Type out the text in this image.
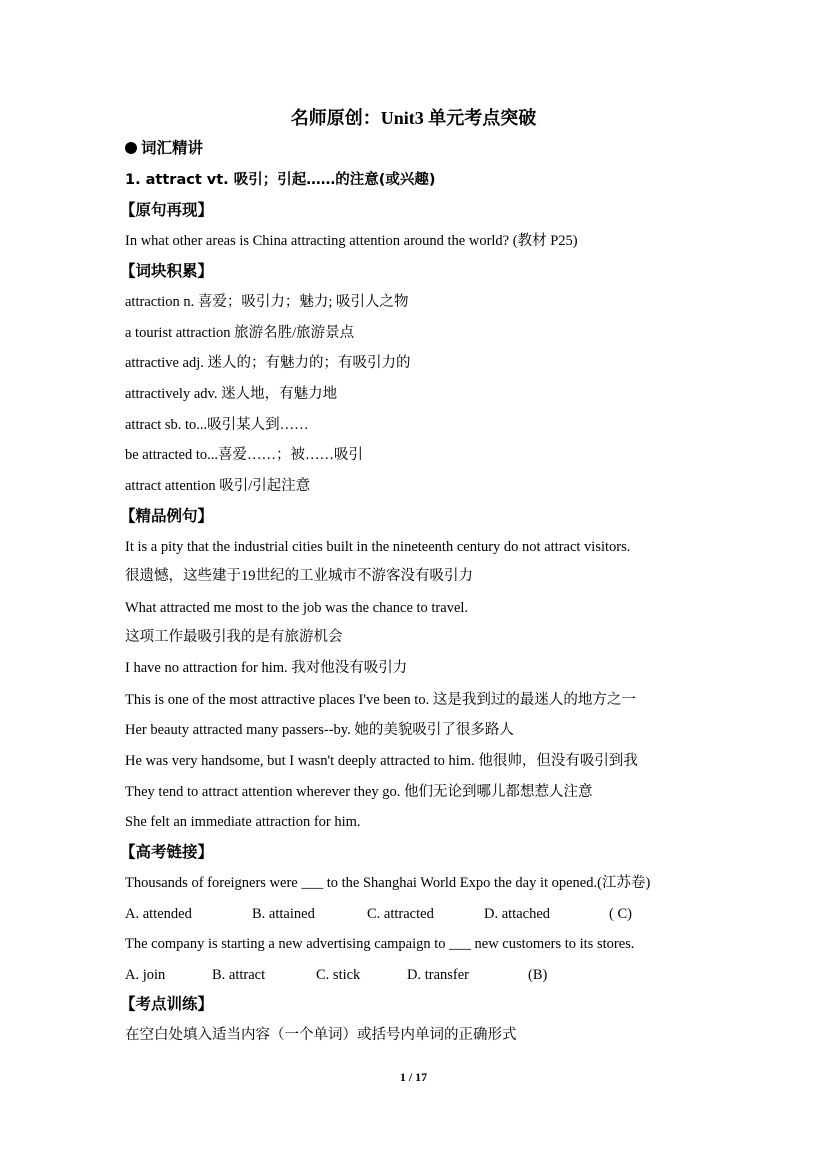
名师原创：Unit3 单元考点突破
词汇精讲
1. attract vt. 吸引；引起……的注意(或兴趣)
【原句再现】
In what other areas is China attracting attention around the world? (教材 P25)
【词块积累】
attraction n. 喜爱；吸引力；魅力; 吸引人之物
a tourist attraction 旅游名胜/旅游景点
attractive adj. 迷人的；有魅力的；有吸引力的
attractively adv. 迷人地，有魅力地
attract sb. to...吸引某人到……
be attracted to...喜爱……；被……吸引
attract attention 吸引/引起注意
【精品例句】
It is a pity that the industrial cities built in the nineteenth century do not attract visitors.
很遗憾，这些建于19世纪的工业城市不游客没有吸引力
What attracted me most to the job was the chance to travel.
这项工作最吸引我的是有旅游机会
I have no attraction for him. 我对他没有吸引力
This is one of the most attractive places I've been to. 这是我到过的最迷人的地方之一
Her beauty attracted many passers--by. 她的美貌吸引了很多路人
He was very handsome, but I wasn't deeply attracted to him. 他很帅，但没有吸引到我
They tend to attract attention wherever they go. 他们无论到哪儿都想惹人注意
She felt an immediate attraction for him.
【高考链接】
Thousands of foreigners were ___ to the Shanghai World Expo the day it opened.(江苏卷)
A. attended	B. attained	C. attracted	D. attached	( C)
The company is starting a new advertising campaign to ___ new customers to its stores.
A. join	B. attract	C. stick	D. transfer	(B)
【考点训练】
在空白处填入适当内容（一个单词）或括号内单词的正确形式
1 / 17
